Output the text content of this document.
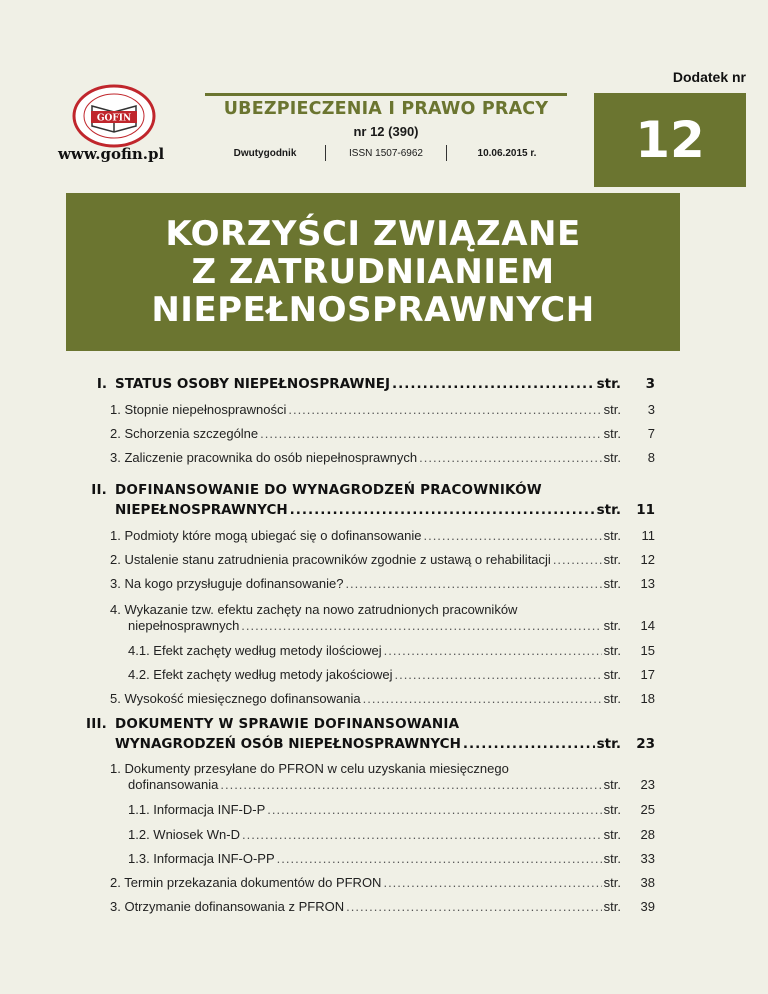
Dodatek nr
12
GOFIN
www.gofin.pl
UBEZPIECZENIA I PRAWO PRACY
nr 12 (390)
Dwutygodnik	ISSN 1507-6962	10.06.2015 r.
KORZYŚCI ZWIĄZANE
Z ZATRUDNIANIEM
NIEPEŁNOSPRAWNYCH
I. STATUS OSOBY NIEPEŁNOSPRAWNEJ .....	str.	3
1. Stopnie niepełnosprawności .....	str.	3
2. Schorzenia szczególne .....	str.	7
3. Zaliczenie pracownika do osób niepełnosprawnych .....	str.	8
II. DOFINANSOWANIE DO WYNAGRODZEŃ PRACOWNIKÓW
NIEPEŁNOSPRAWNYCH .....	str.	11
1. Podmioty które mogą ubiegać się o dofinansowanie .....	str.	11
2. Ustalenie stanu zatrudnienia pracowników zgodnie z ustawą o rehabilitacji .....	str.	12
3. Na kogo przysługuje dofinansowanie? .....	str.	13
4. Wykazanie tzw. efektu zachęty na nowo zatrudnionych pracowników
niepełnosprawnych .....	str.	14
4.1. Efekt zachęty według metody ilościowej .....	str.	15
4.2. Efekt zachęty według metody jakościowej .....	str.	17
5. Wysokość miesięcznego dofinansowania .....	str.	18
III. DOKUMENTY W SPRAWIE DOFINANSOWANIA
WYNAGRODZEŃ OSÓB NIEPEŁNOSPRAWNYCH .....	str.	23
1. Dokumenty przesyłane do PFRON w celu uzyskania miesięcznego
dofinansowania .....	str.	23
1.1. Informacja INF-D-P .....	str.	25
1.2. Wniosek Wn-D .....	str.	28
1.3. Informacja INF-O-PP .....	str.	33
2. Termin przekazania dokumentów do PFRON .....	str.	38
3. Otrzymanie dofinansowania z PFRON .....	str.	39
